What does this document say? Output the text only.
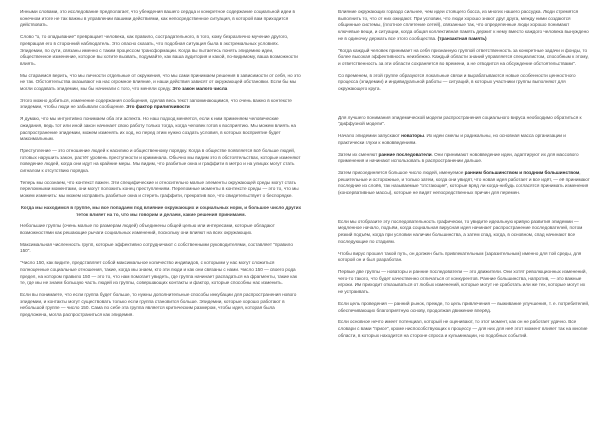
Инными словами, это исследование предполагает, что убеждения вашего сердца и конкретное содержание социальной идеи в конечном итоге не так важны в управлении вашими действиями, как непосредственное ситуация, в которой вам приходится действовать.

Слово "о, то опадывание" превращает человека, как правило, сострадательного, в того, кому безразлично мучение другого, превращая его в сторонний наблюдатель. Это опасно сказать, что подобная ситуация была в экстремальных условиях. Эпидемии, по сути, связаны именно с таким процессом трансформации. Когда вы пытаетесь понять эпидемию идеи, общественное изменение, которое вы хотите вызвать, подумайте, как ваша аудитория и какой, по-видимому, ваша возможности влиять.

Мы стараемся верить, что мы личности отдельные от окружения, что мы сами принимаем решения в зависимости от себя, но это не так. Обстоятельства оказывают на нас огромное влияние, и наши действия зависят от окружающей обстановки. Если бы мы могли создавать эпидемии, мы бы начинали с того, что меняли среду. Это закон малого числа

Этого можно добиться, изменение содержания сообщения, сделав весь текст запоминающимся, что очень важно в контексте эпидемии, чтобы люди не забывали сообщение. Это фактор прилипчивости

Я думаю, что мы интуитивно понимаем оба эти аспекта. Но наш подход меняется, если к ним применяем человеческие ожидания, ведь тот или иной закон начинает свою работу только тогда, когда человек готов к восприятию. Мы можем влиять на распространение эпидемии, можем изменять их ход, но перед этим нужно создать условия, в которых восприятие будет максимальным.

Преступление — это отношение людей к насилию и общественному порядку. Когда в обществе появляется всё больше людей, готовых нарушить закон, растёт уровень преступности и криминала. Обычно мы видим это в обстоятельствах, которые изменяют поведение людей, когда они идут на крайние меры. Мы видим, что разбитые окна и граффити в метро и на улицах могут стать сигналом к отсутствию порядка.

Теперь мы осознаем, что контекст важен. Эти специфические и относительно малые элементы окружающей среды могут стать переломными моментами, они могут положить конец преступлениям. Переломные моменты в контексте среды — это то, что мы можем изменить: мы можем исправить разбитые окна и стереть граффити, прекратив все, что свидетельствует о беспорядке.

Когда мы находимся в группе, мы все попадаем под влияние окружающих и социальных норм, и большое число других теток влияет на то, что мы говорим и делаем, какие решения принимаем.

Небольшие группы (очень малые по размерам людей) объединены общей целью или интересами, которые обладают возможностями как решающие рычаги социальных изменений, поскольку они влияют на всех окружающих.

Максимальная численность групп, которые эффективно сотрудничают с собственными руководителями, составляет "правило 150".

"Число 150, как видите, представляет собой максимальное количество индивидов, с которыми у нас могут сложиться полноценные социальные отношения, такие, когда мы знаем, кто эти люди и как они связаны с нами. Число 150 — своего рода предел, на котором правило 150 — это то, что нам помогает увидеть, где группа начинает распадаться на фрагменты, такие как те, где мы не знаем большую часть людей из группы, совершающих контакты и фактор, которые способны нас изменить.

Если вы понимаете, что если группа будет больше, то нужны дополнительные способы инкубации для распространения нового эпидемии, и контакты могут существовать только если группа становится больше. Эпидемии, которые хорошо работают в небольшой группе — число 150. Сама по себе эта группа является критическим размером, чтобы идея, которая была предложена, могла распространиться как эпидемия.

Влияние окружающих гораздо сильнее, чем идеи стоящего босса, из многих нашего рассудка. Люди стремятся выполнить то, что от них ожидают. При условии, что люди хорошо знают друг друга, между ними создаются общинные системы, (плотное сплетение сетей), связанные так, что определенные люди хорошо понимают ключевые вещи, и ситуации, когда общая коллективная память держит к нему вместо каждого человека вынуждено не в одиночку держать все этого сообщества. (транзактная память)

"Когда каждый человек принимает на себя признанную группой ответственность за конкретные задачи и фонды, то более высокая эффективность неизбежно. Каждый области знаний управляется специалистом, способным к этому, и ответственность за эти области сохраняется во времени, а не отводится на обсуждение обстоятельствами".

Со временем, в этой группе образуются локальные связи и вырабатываются новые особенности ценностного процесса (эпидемии) и индивидуальной работы — ситуаций, в которых участники группы выполняют для окружающего круга.

Для лучшего понимания эпидемической модели распространения социального вируса необходимо обратиться к "диффузной модели".

Начало эпидемии запускают новаторы. Их идеи смелы и радикальны, но основная масса организации и практически глухи к нововведениям.

Затем их сменяют ранние последователи. Они принимают нововведение идеи, адаптируют их для массового применения и начинают использовать в распространении дальше.

Затем присоединяется большое число людей, именуемое ранним большинством и поздним большинством, решительные и осторожные, и только затем, когда они увидят, что новая идея работает и все идёт, — её принимают последние из слоёв, так называемые "отстающие", которые вряд ли когда-нибудь согласятся принимать изменения (консервативные массы), которые не видят непосредственных причин для перемен.

Если мы отобразите эту последовательность графически, то увидите идеальную кривую развития эпидемии — медленное начало, подъём, когда социальная вирусная идея начинает распространение последователей, потом резкий подъём, когда при условии наличии большинства, а затем спад, когда, в основном, спад начинают все последующие по стадиям.

Чтобы вирус прошел такой путь, он должен быть привлекательным (заразительным) именно для той среды, для которой он и был разработан.

Первые две группы — новаторы и ранние последователи — это движители. Они хотят революционных изменений, чего-то такого, что будет качественно отличаться от конкурентов. Ранние большинства, напротив, — это важные игроки. Им приходит отказываться от любых изменений, которые могут не сработать или же тех, которые могут их не устраивать.

Если цель проведения — ранний рынок, прежде, то цель привлечения — выживание улучшения, т. е. потребителей, обеспечивающих благоприятную основу, продолжая движение вперёд.

Если основное нечто имеет потенциал, который не оценивают, то этот момент, как он не работает удачно. Все словари с вами "присе", кроме ниспособствующих к процессу — для них для неё этот момент влияет так на многие области, в которых находится на стороне спроса и кульминации, но подобных событий.
